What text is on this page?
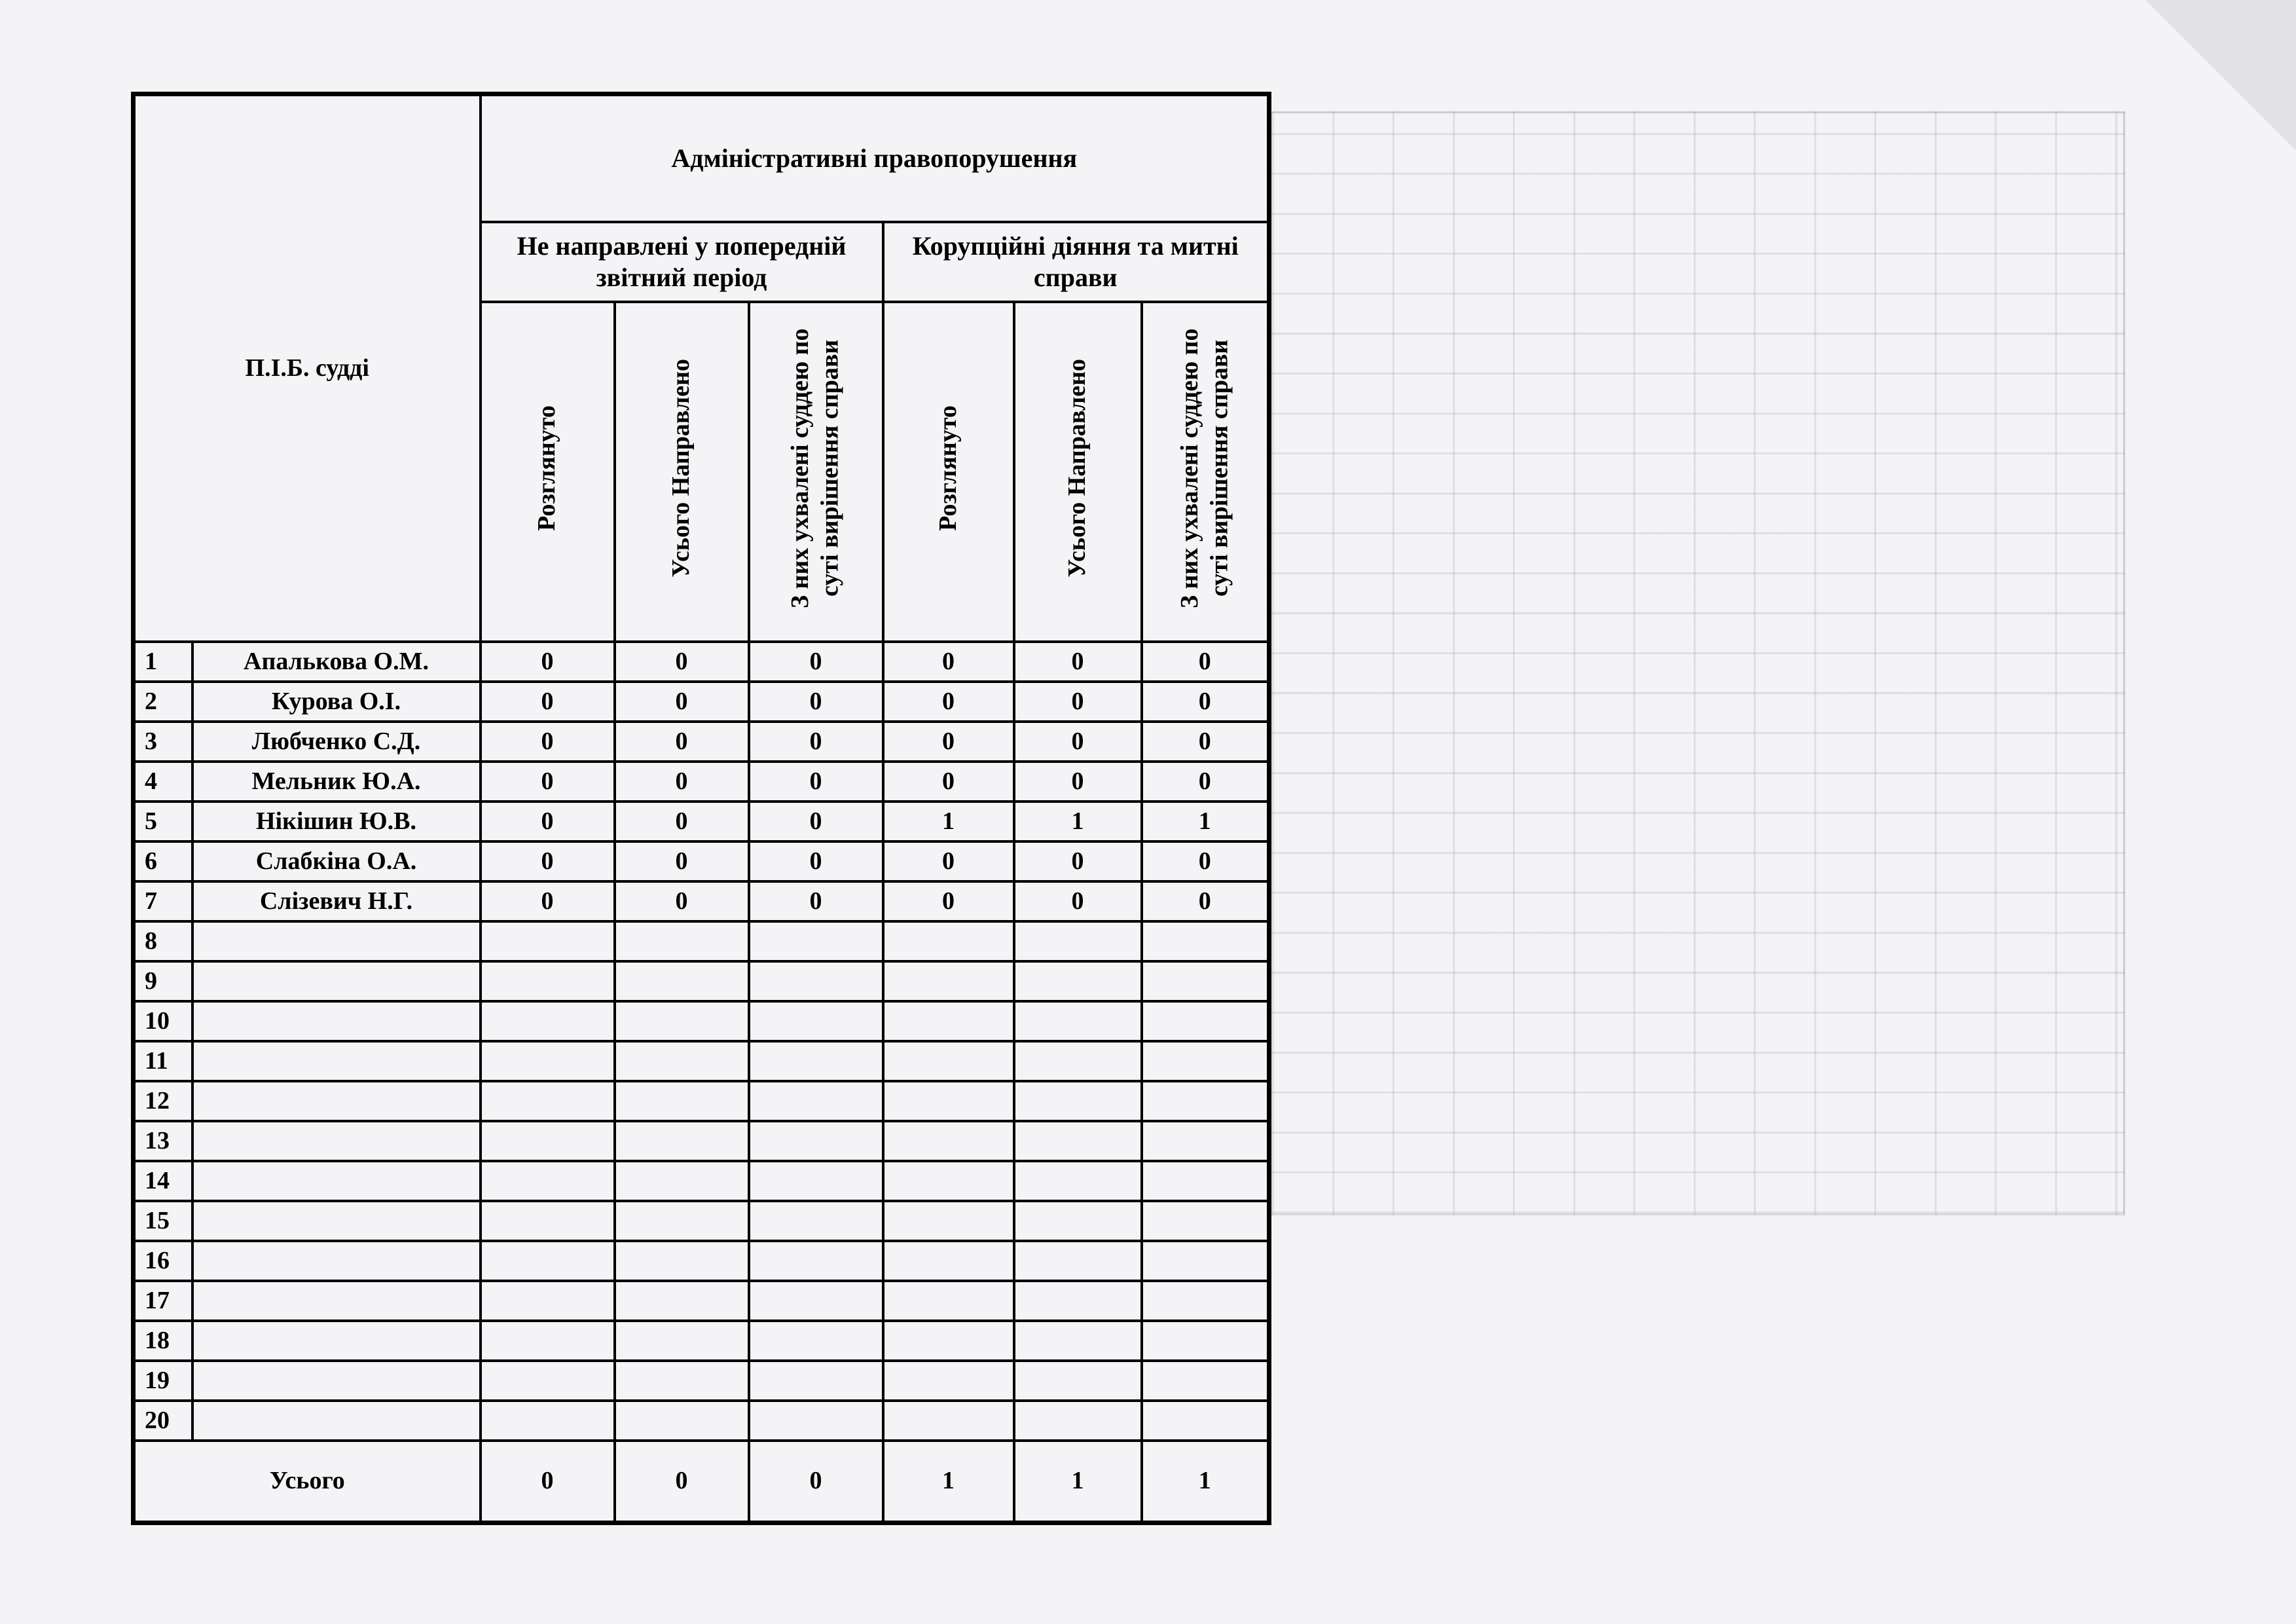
П.І.Б. судді		Адміністративні правопорушення					
		Не направлені у попередній звітний період			Корупційні діяння та митні справи		
		Розглянуто	Усього Направлено	З них ухвалені суддею по суті вирішення справи	Розглянуто	Усього Направлено	З них ухвалені суддею по суті вирішення справи
1	Апалькова О.М.	0	0	0	0	0	0
2	Курова О.І.	0	0	0	0	0	0
3	Любченко С.Д.	0	0	0	0	0	0
4	Мельник Ю.А.	0	0	0	0	0	0
5	Нікішин Ю.В.	0	0	0	1	1	1
6	Слабкіна О.А.	0	0	0	0	0	0
7	Слізевич Н.Г.	0	0	0	0	0	0
8							
9							
10							
11							
12							
13							
14							
15							
16							
17							
18							
19							
20							
Усього		0	0	0	1	1	1
